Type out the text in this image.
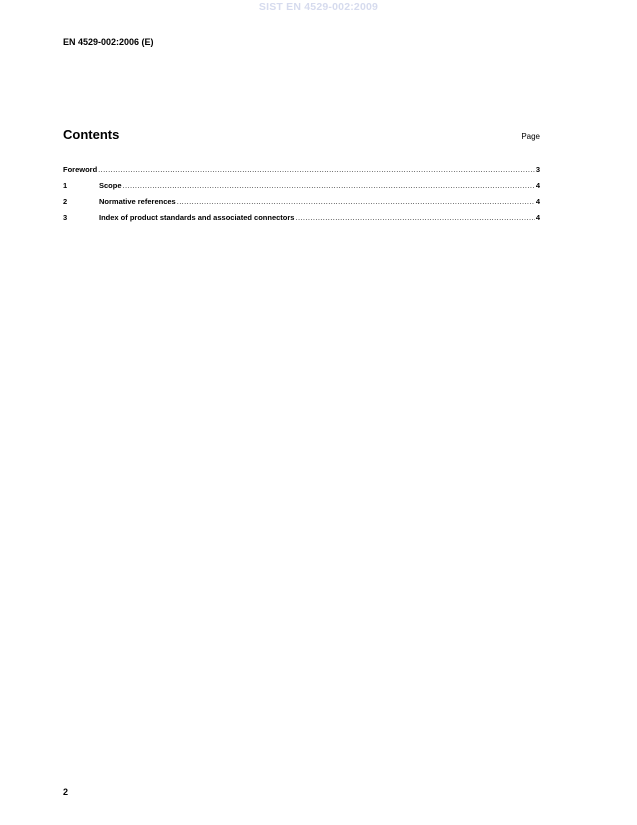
SIST EN 4529-002:2009
EN 4529-002:2006 (E)
Contents	Page
Foreword .....	3
1	Scope .....	4
2	Normative references .....	4
3	Index of product standards and associated connectors .....	4
2
